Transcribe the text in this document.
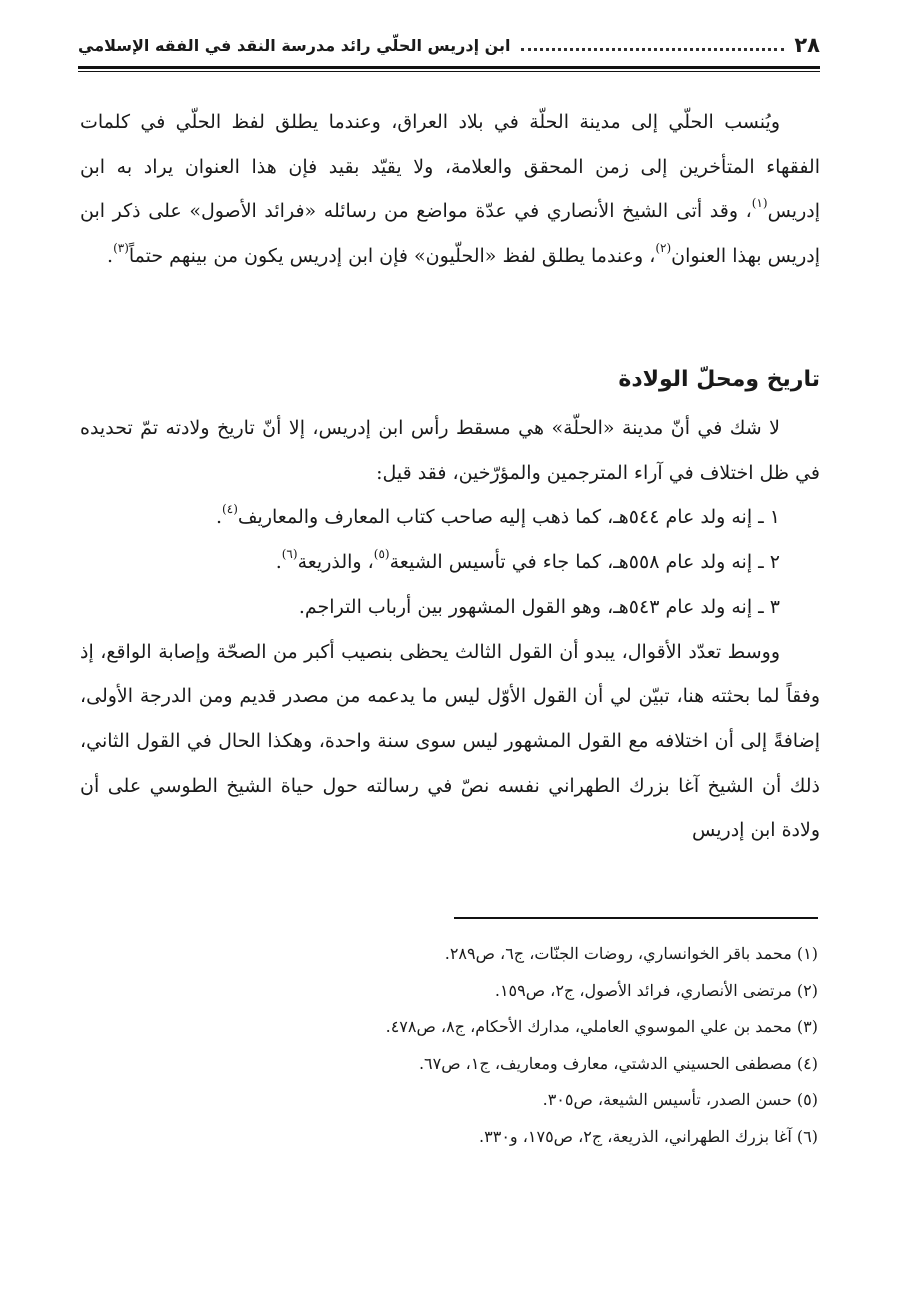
٢٨
ابن إدريس الحلّي رائد مدرسة النقد في الفقه الإسلامي

ويُنسب الحلّي إلى مدينة الحلّة في بلاد العراق، وعندما يطلق لفظ الحلّي في كلمات الفقهاء المتأخرين إلى زمن المحقق والعلامة، ولا يقيّد بقيد فإن هذا العنوان يراد به ابن إدريس$^{(١)}$، وقد أتى الشيخ الأنصاري في عدّة مواضع من رسائله «فرائد الأصول» على ذكر ابن إدريس بهذا العنوان$^{(٢)}$، وعندما يطلق لفظ «الحلّيون» فإن ابن إدريس يكون من بينهم حتماً$^{(٣)}$.

تاريخ ومحلّ الولادة

لا شك في أنّ مدينة «الحلّة» هي مسقط رأس ابن إدريس، إلا أنّ تاريخ ولادته تمّ تحديده في ظل اختلاف في آراء المترجمين والمؤرّخين، فقد قيل:

١ ـ إنه ولد عام ٥٤٤هـ، كما ذهب إليه صاحب كتاب المعارف والمعاريف$^{(٤)}$.

٢ ـ إنه ولد عام ٥٥٨هـ، كما جاء في تأسيس الشيعة$^{(٥)}$، والذريعة$^{(٦)}$.

٣ ـ إنه ولد عام ٥٤٣هـ، وهو القول المشهور بين أرباب التراجم.

ووسط تعدّد الأقوال، يبدو أن القول الثالث يحظى بنصيب أكبر من الصحّة وإصابة الواقع، إذ وفقاً لما بحثته هنا، تبيّن لي أن القول الأوّل ليس ما يدعمه من مصدر قديم ومن الدرجة الأولى، إضافةً إلى أن اختلافه مع القول المشهور ليس سوى سنة واحدة، وهكذا الحال في القول الثاني، ذلك أن الشيخ آغا بزرك الطهراني نفسه نصّ في رسالته حول حياة الشيخ الطوسي على أن ولادة ابن إدريس

(١) محمد باقر الخوانساري، روضات الجنّات، ج٦، ص٢٨٩.
(٢) مرتضى الأنصاري، فرائد الأصول، ج٢، ص١٥٩.
(٣) محمد بن علي الموسوي العاملي، مدارك الأحكام، ج٨، ص٤٧٨.
(٤) مصطفى الحسيني الدشتي، معارف ومعاريف، ج١، ص٦٧.
(٥) حسن الصدر، تأسيس الشيعة، ص٣٠٥.
(٦) آغا بزرك الطهراني، الذريعة، ج٢، ص١٧٥، و٣٣٠.
